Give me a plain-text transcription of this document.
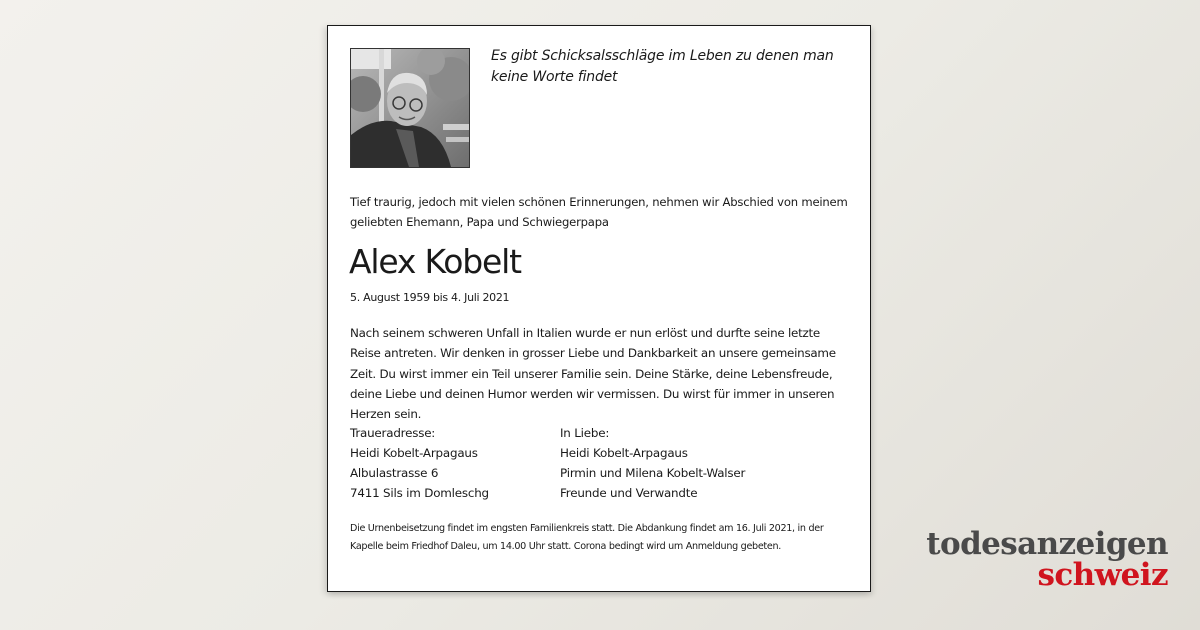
Es gibt Schicksalsschläge im Leben zu denen man keine Worte findet
Tief traurig, jedoch mit vielen schönen Erinnerungen, nehmen wir Abschied von meinem geliebten Ehemann, Papa und Schwiegerpapa
Alex Kobelt
5. August 1959 bis 4. Juli 2021
Nach seinem schweren Unfall in Italien wurde er nun erlöst und durfte seine letzte Reise antreten. Wir denken in grosser Liebe und Dankbarkeit an unsere gemeinsame Zeit. Du wirst immer ein Teil unserer Familie sein. Deine Stärke, deine Lebensfreude, deine Liebe und deinen Humor werden wir vermissen. Du wirst für immer in unseren Herzen sein.
Traueradresse:
Heidi Kobelt-Arpagaus
Albulastrasse 6
7411 Sils im Domleschg
In Liebe:
Heidi Kobelt-Arpagaus
Pirmin und Milena Kobelt-Walser
Freunde und Verwandte
Die Urnenbeisetzung findet im engsten Familienkreis statt. Die Abdankung findet am 16. Juli 2021, in der Kapelle beim Friedhof Daleu, um 14.00 Uhr statt. Corona bedingt wird um Anmeldung gebeten.	todesanzeigen
schweiz
